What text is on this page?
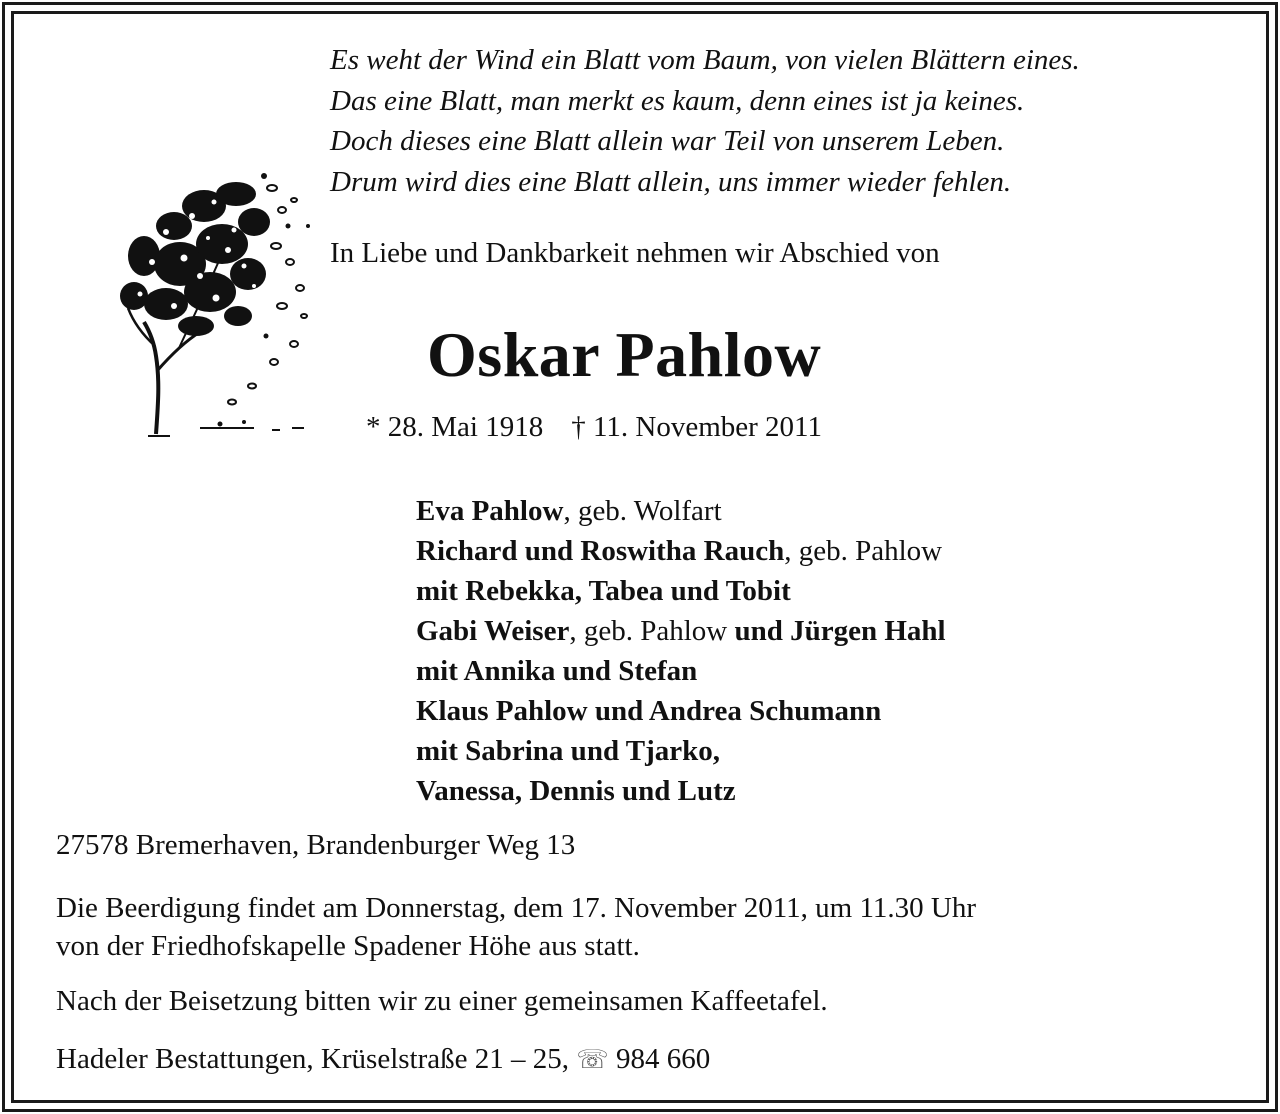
Es weht der Wind ein Blatt vom Baum, von vielen Blättern eines.
Das eine Blatt, man merkt es kaum, denn eines ist ja keines.
Doch dieses eine Blatt allein war Teil von unserem Leben.
Drum wird dies eine Blatt allein, uns immer wieder fehlen.
In Liebe und Dankbarkeit nehmen wir Abschied von
Oskar Pahlow
* 28. Mai 1918 † 11. November 2011
Eva Pahlow, geb. Wolfart
Richard und Roswitha Rauch, geb. Pahlow
mit Rebekka, Tabea und Tobit
Gabi Weiser, geb. Pahlow und Jürgen Hahl
mit Annika und Stefan
Klaus Pahlow und Andrea Schumann
mit Sabrina und Tjarko,
Vanessa, Dennis und Lutz
27578 Bremerhaven, Brandenburger Weg 13
Die Beerdigung findet am Donnerstag, dem 17. November 2011, um 11.30 Uhr
von der Friedhofskapelle Spadener Höhe aus statt.
Nach der Beisetzung bitten wir zu einer gemeinsamen Kaffeetafel.
Hadeler Bestattungen, Krüselstraße 21 – 25, ☏ 984 660
